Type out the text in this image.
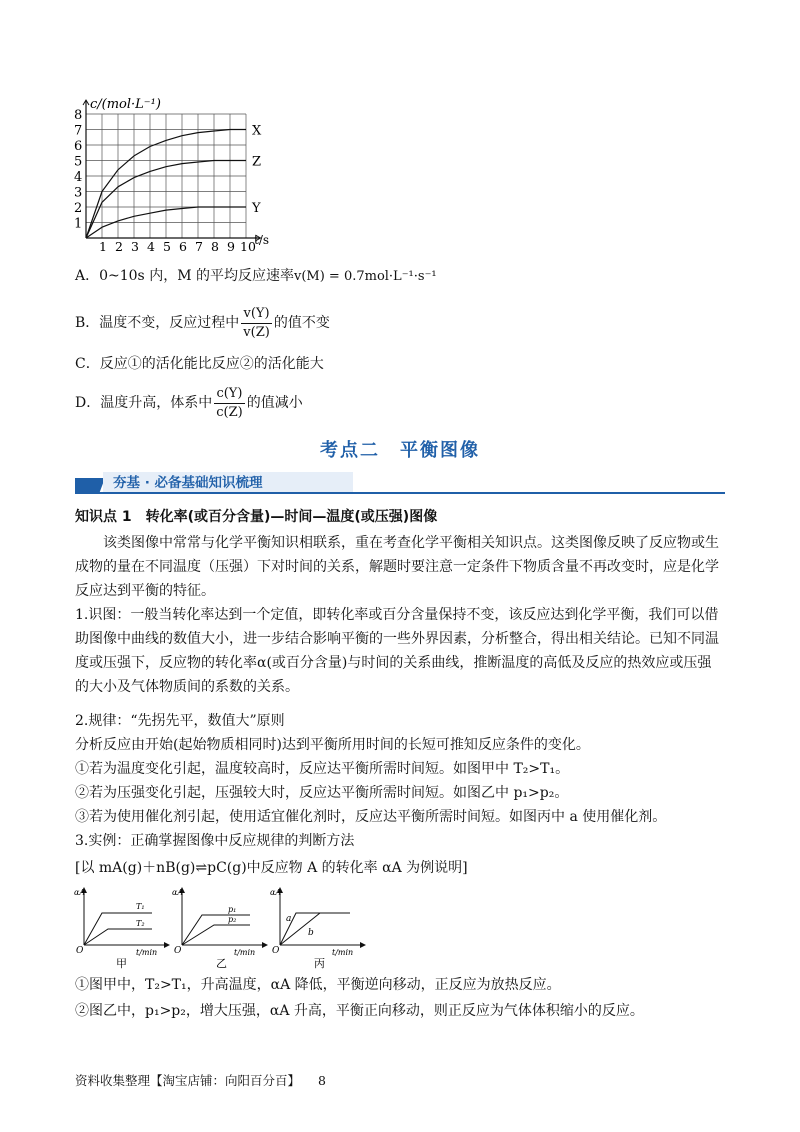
1 2 3 4 5 6 7 8 9 10
1
2
3
4
5
6
7
8
X
Z
Y
c/(mol·L⁻¹)
t/s
A．0~10s 内，M 的平均反应速率v(M) = 0.7mol·L⁻¹·s⁻¹
B．温度不变，反应过程中 $\frac{v(Y)}{v(Z)}$ 的值不变
C．反应①的活化能比反应②的活化能大
D．温度升高，体系中 $\frac{c(Y)}{c(Z)}$ 的值减小
考点二　平衡图像
夯基 · 必备基础知识梳理
知识点 1　转化率(或百分含量)—时间—温度(或压强)图像
该类图像中常常与化学平衡知识相联系，重在考查化学平衡相关知识点。这类图像反映了反应物或生成物的量在不同温度（压强）下对时间的关系，解题时要注意一定条件下物质含量不再改变时，应是化学反应达到平衡的特征。
1.识图：一般当转化率达到一个定值，即转化率或百分含量保持不变，该反应达到化学平衡，我们可以借助图像中曲线的数值大小，进一步结合影响平衡的一些外界因素，分析整合，得出相关结论。已知不同温度或压强下，反应物的转化率α(或百分含量)与时间的关系曲线，推断温度的高低及反应的热效应或压强的大小及气体物质间的系数的关系。
2.规律：“先拐先平，数值大”原则
分析反应由开始(起始物质相同时)达到平衡所用时间的长短可推知反应条件的变化。
①若为温度变化引起，温度较高时，反应达平衡所需时间短。如图甲中 T₂>T₁。
②若为压强变化引起，压强较大时，反应达平衡所需时间短。如图乙中 p₁>p₂。
③若为使用催化剂引起，使用适宜催化剂时，反应达平衡所需时间短。如图丙中 a 使用催化剂。
3.实例：正确掌握图像中反应规律的判断方法
[以 mA(g)＋nB(g)⇌pC(g)中反应物 A 的转化率 αA 为例说明]
αA
O	t/min
T₁
T₂
甲
αA
O	t/min
p₁
p₂
乙
αA
O	t/min
a
b
丙
①图甲中，T₂>T₁，升高温度，αA 降低，平衡逆向移动，正反应为放热反应。
②图乙中，p₁>p₂，增大压强，αA 升高，平衡正向移动，则正反应为气体体积缩小的反应。
资料收集整理【淘宝店铺：向阳百分百】 8
